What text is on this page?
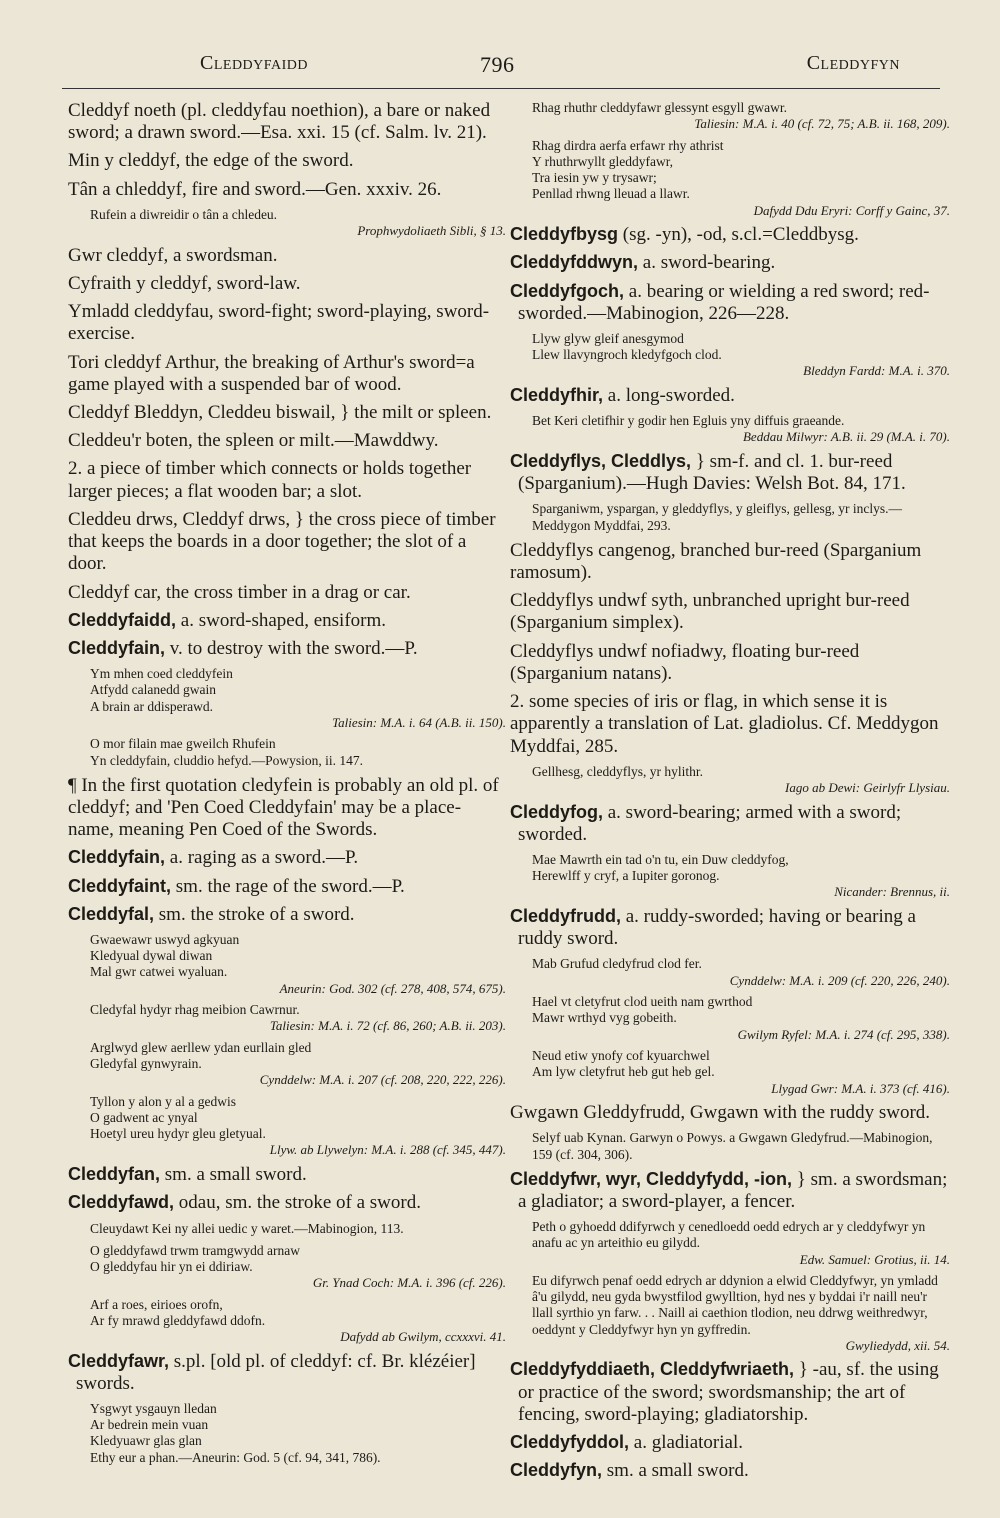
Cleddyfaidd	796	Cleddyfyn
Cleddyf noeth (pl. cleddyfau noethion), a bare or naked sword; a drawn sword.—Esa. xxi. 15 (cf. Salm. lv. 21).
Min y cleddyf, the edge of the sword.
Tân a chleddyf, fire and sword.—Gen. xxxiv. 26.
Rufein a diwreidir o tân a chledeu.
Prophwydoliaeth Sibli, § 13.
Gwr cleddyf, a swordsman.
Cyfraith y cleddyf, sword-law.
Ymladd cleddyfau, sword-fight; sword-playing, sword-exercise.
Tori cleddyf Arthur, the breaking of Arthur's sword=a game played with a suspended bar of wood.
Cleddyf Bleddyn, Cleddeu biswail, } the milt or spleen.
Cleddeu'r boten, the spleen or milt.—Mawddwy.
2. a piece of timber which connects or holds together larger pieces; a flat wooden bar; a slot.
Cleddeu drws, Cleddyf drws, } the cross piece of timber that keeps the boards in a door together; the slot of a door.
Cleddyf car, the cross timber in a drag or car.
Cleddyfaidd, a. sword-shaped, ensiform.
Cleddyfain, v. to destroy with the sword.—P.
Ym mhen coed cleddyfein
Atfydd calanedd gwain
A brain ar ddisperawd.
Taliesin: M.A. i. 64 (A.B. ii. 150).
O mor filain mae gweilch Rhufein
Yn cleddyfain, cluddio hefyd.—Powysion, ii. 147.
¶ In the first quotation cledyfein is probably an old pl. of cleddyf; and 'Pen Coed Cleddyfain' may be a place-name, meaning Pen Coed of the Swords.
Cleddyfain, a. raging as a sword.—P.
Cleddyfaint, sm. the rage of the sword.—P.
Cleddyfal, sm. the stroke of a sword.
Gwaewawr uswyd agkyuan
Kledyual dywal diwan
Mal gwr catwei wyaluan.
Aneurin: God. 302 (cf. 278, 408, 574, 675).
Cledyfal hydyr rhag meibion Cawrnur.
Taliesin: M.A. i. 72 (cf. 86, 260; A.B. ii. 203).
Arglwyd glew aerllew ydan eurllain gled
Gledyfal gynwyrain.
Cynddelw: M.A. i. 207 (cf. 208, 220, 222, 226).
Tyllon y alon y al a gedwis
O gadwent ac ynyal
Hoetyl ureu hydyr gleu gletyual.
Llyw. ab Llywelyn: M.A. i. 288 (cf. 345, 447).
Cleddyfan, sm. a small sword.
Cleddyfawd, odau, sm. the stroke of a sword.
Cleuydawt Kei ny allei uedic y waret.—Mabinogion, 113.
O gleddyfawd trwm tramgwydd arnaw
O gleddyfau hir yn ei ddiriaw.
Gr. Ynad Coch: M.A. i. 396 (cf. 226).
Arf a roes, eirioes orofn,
Ar fy mrawd gleddyfawd ddofn.
Dafydd ab Gwilym, ccxxxvi. 41.
Cleddyfawr, s.pl. [old pl. of cleddyf: cf. Br. klézéier] swords.
Ysgwyt ysgauyn lledan
Ar bedrein mein vuan
Kledyuawr glas glan
Ethy eur a phan.—Aneurin: God. 5 (cf. 94, 341, 786).
Rhag rhuthr cleddyfawr glessynt esgyll gwawr.
Taliesin: M.A. i. 40 (cf. 72, 75; A.B. ii. 168, 209).
Rhag dirdra aerfa erfawr rhy athrist
Y rhuthrwyllt gleddyfawr,
Tra iesin yw y trysawr;
Penllad rhwng lleuad a llawr.
Dafydd Ddu Eryri: Corff y Gainc, 37.
Cleddyfbysg (sg. -yn), -od, s.cl.=Cleddbysg.
Cleddyfddwyn, a. sword-bearing.
Cleddyfgoch, a. bearing or wielding a red sword; red-sworded.—Mabinogion, 226—228.
Llyw glyw gleif anesgymod
Llew llavyngroch kledyfgoch clod.
Bleddyn Fardd: M.A. i. 370.
Cleddyfhir, a. long-sworded.
Bet Keri cletifhir y godir hen Egluis yny diffuis graeande.
Beddau Milwyr: A.B. ii. 29 (M.A. i. 70).
Cleddyflys, Cleddlys, } sm-f. and cl. 1. bur-reed (Sparganium).—Hugh Davies: Welsh Bot. 84, 171.
Sparganiwm, yspargan, y gleddyflys, y gleiflys, gellesg, yr inclys.—Meddygon Myddfai, 293.
Cleddyflys cangenog, branched bur-reed (Sparganium ramosum).
Cleddyflys undwf syth, unbranched upright bur-reed (Sparganium simplex).
Cleddyflys undwf nofiadwy, floating bur-reed (Sparganium natans).
2. some species of iris or flag, in which sense it is apparently a translation of Lat. gladiolus. Cf. Meddygon Myddfai, 285.
Gellhesg, cleddyflys, yr hylithr.
Iago ab Dewi: Geirlyfr Llysiau.
Cleddyfog, a. sword-bearing; armed with a sword; sworded.
Mae Mawrth ein tad o'n tu, ein Duw cleddyfog,
Herewlff y cryf, a Iupiter goronog.
Nicander: Brennus, ii.
Cleddyfrudd, a. ruddy-sworded; having or bearing a ruddy sword.
Mab Grufud cledyfrud clod fer.
Cynddelw: M.A. i. 209 (cf. 220, 226, 240).
Hael vt cletyfrut clod ueith nam gwrthod
Mawr wrthyd vyg gobeith.
Gwilym Ryfel: M.A. i. 274 (cf. 295, 338).
Neud etiw ynofy cof kyuarchwel
Am lyw cletyfrut heb gut heb gel.
Llygad Gwr: M.A. i. 373 (cf. 416).
Gwgawn Gleddyfrudd, Gwgawn with the ruddy sword.
Selyf uab Kynan. Garwyn o Powys. a Gwgawn Gledyfrud.—Mabinogion, 159 (cf. 304, 306).
Cleddyfwr, wyr, Cleddyfydd, -ion, } sm. a swordsman; a gladiator; a sword-player, a fencer.
Peth o gyhoedd ddifyrwch y cenedloedd oedd edrych ar y cleddyfwyr yn anafu ac yn arteithio eu gilydd.
Edw. Samuel: Grotius, ii. 14.
Eu difyrwch penaf oedd edrych ar ddynion a elwid Cleddyfwyr, yn ymladd â'u gilydd, neu gyda bwystfilod gwylltion, hyd nes y byddai i'r naill neu'r llall syrthio yn farw. . . Naill ai caethion tlodion, neu ddrwg weithredwyr, oeddynt y Cleddyfwyr hyn yn gyffredin.
Gwyliedydd, xii. 54.
Cleddyfyddiaeth, Cleddyfwriaeth, } -au, sf. the using or practice of the sword; swordsmanship; the art of fencing, sword-playing; gladiatorship.
Cleddyfyddol, a. gladiatorial.
Cleddyfyn, sm. a small sword.
